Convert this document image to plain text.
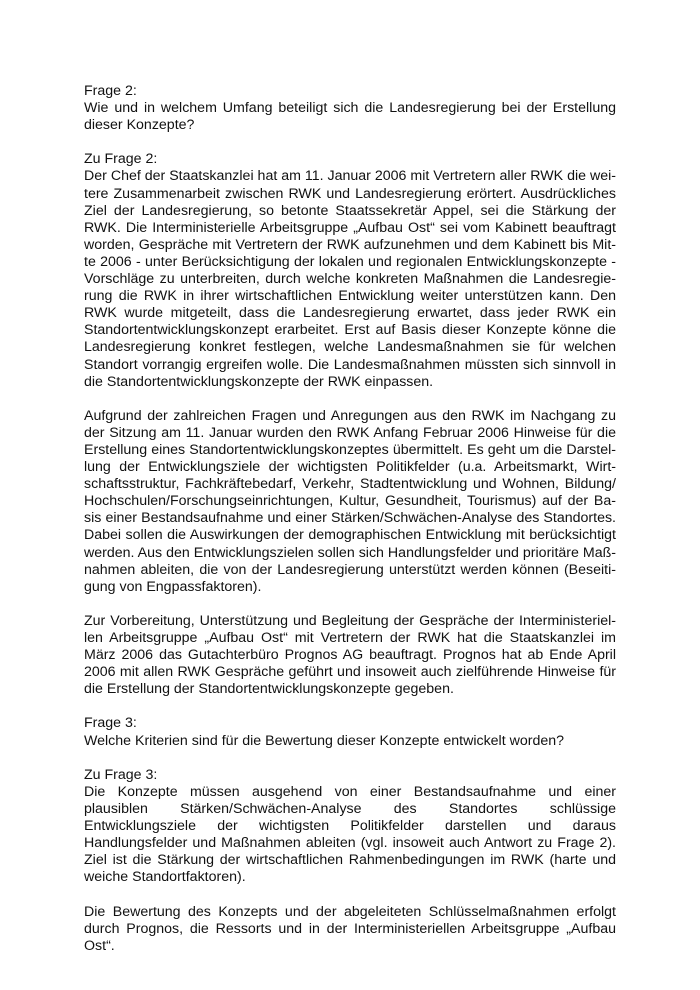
Frage 2:
Wie und in welchem Umfang beteiligt sich die Landesregierung bei der Erstellung dieser Konzepte?
Zu Frage 2:

Der Chef der Staatskanzlei hat am 11. Januar 2006 mit Vertretern aller RWK die weitere Zusammenarbeit zwischen RWK und Landesregierung erörtert. Ausdrückliches Ziel der Landesregierung, so betonte Staatssekretär Appel, sei die Stärkung der RWK. Die Interministerielle Arbeitsgruppe „Aufbau Ost“ sei vom Kabinett beauftragt worden, Gespräche mit Vertretern der RWK aufzunehmen und dem Kabinett bis Mitte 2006 - unter Berücksichtigung der lokalen und regionalen Entwicklungskonzepte - Vorschläge zu unterbreiten, durch welche konkreten Maßnahmen die Landesregierung die RWK in ihrer wirtschaftlichen Entwicklung weiter unterstützen kann. Den RWK wurde mitgeteilt, dass die Landesregierung erwartet, dass jeder RWK ein Standortentwicklungskonzept erarbeitet. Erst auf Basis dieser Konzepte könne die Landesregierung konkret festlegen, welche Landesmaßnahmen sie für welchen Standort vorrangig ergreifen wolle. Die Landesmaßnahmen müssten sich sinnvoll in die Standortentwicklungskonzepte der RWK einpassen.

Aufgrund der zahlreichen Fragen und Anregungen aus den RWK im Nachgang zu der Sitzung am 11. Januar wurden den RWK Anfang Februar 2006 Hinweise für die Erstellung eines Standortentwicklungskonzeptes übermittelt. Es geht um die Darstellung der Entwicklungsziele der wichtigsten Politikfelder (u.a. Arbeitsmarkt, Wirtschaftsstruktur, Fachkräftebedarf, Verkehr, Stadtentwicklung und Wohnen, Bildung/ Hochschulen/Forschungseinrichtungen, Kultur, Gesundheit, Tourismus) auf der Basis einer Bestandsaufnahme und einer Stärken/Schwächen-Analyse des Standortes. Dabei sollen die Auswirkungen der demographischen Entwicklung mit berücksichtigt werden. Aus den Entwicklungszielen sollen sich Handlungsfelder und prioritäre Maßnahmen ableiten, die von der Landesregierung unterstützt werden können (Beseitigung von Engpassfaktoren).

Zur Vorbereitung, Unterstützung und Begleitung der Gespräche der Interministeriellen Arbeitsgruppe „Aufbau Ost“ mit Vertretern der RWK hat die Staatskanzlei im März 2006 das Gutachterbüro Prognos AG beauftragt. Prognos hat ab Ende April 2006 mit allen RWK Gespräche geführt und insoweit auch zielführende Hinweise für die Erstellung der Standortentwicklungskonzepte gegeben.

Frage 3:
Welche Kriterien sind für die Bewertung dieser Konzepte entwickelt worden?
Zu Frage 3:

Die Konzepte müssen ausgehend von einer Bestandsaufnahme und einer plausiblen Stärken/Schwächen-Analyse des Standortes schlüssige Entwicklungsziele der wichtigsten Politikfelder darstellen und daraus Handlungsfelder und Maßnahmen ableiten (vgl. insoweit auch Antwort zu Frage 2). Ziel ist die Stärkung der wirtschaftlichen Rahmenbedingungen im RWK (harte und weiche Standortfaktoren).

Die Bewertung des Konzepts und der abgeleiteten Schlüsselmaßnahmen erfolgt durch Prognos, die Ressorts und in der Interministeriellen Arbeitsgruppe „Aufbau Ost“.
